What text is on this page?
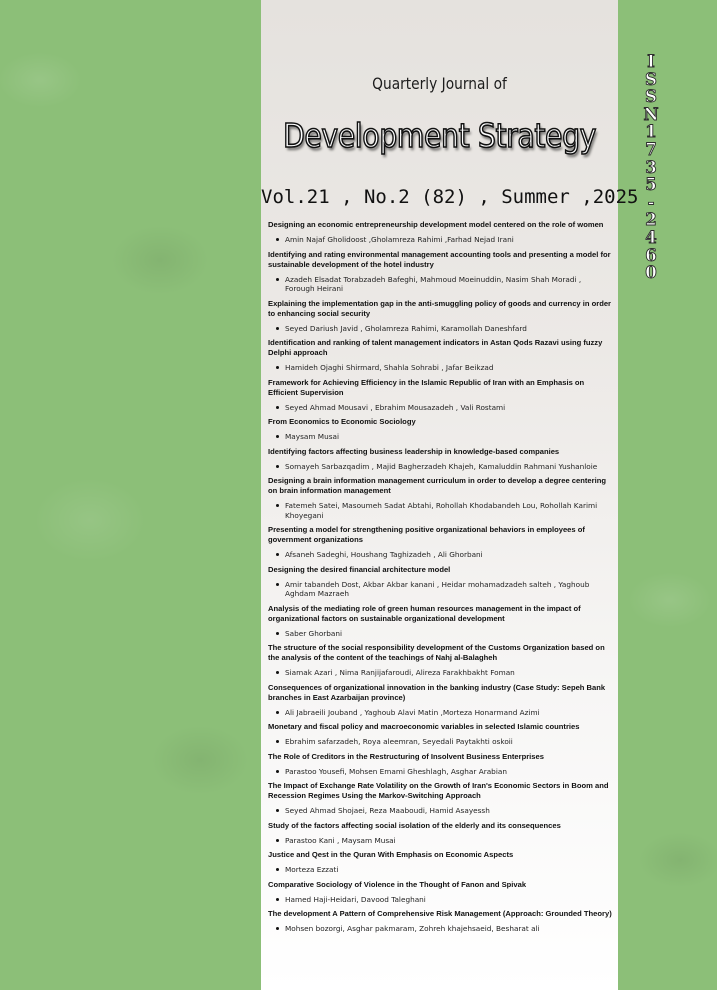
Quarterly Journal of
Development Strategy
Vol.21 , No.2 (82) , Summer ,2025
Designing an economic entrepreneurship development model centered on the role of women
Amin Najaf Gholidoost ,Gholamreza Rahimi ,Farhad Nejad Irani
Identifying and rating environmental management accounting tools and presenting a model for sustainable development of the hotel industry
Azadeh Elsadat Torabzadeh Bafeghi, Mahmoud Moeinuddin, Nasim Shah Moradi , Forough Heirani
Explaining the implementation gap in the anti-smuggling policy of goods and currency in order to enhancing social security
Seyed Dariush Javid , Gholamreza Rahimi, Karamollah Daneshfard
Identification and ranking of talent management indicators in Astan Qods Razavi using fuzzy Delphi approach
Hamideh Ojaghi Shirmard, Shahla Sohrabi , Jafar Beikzad
Framework for Achieving Efficiency in the Islamic Republic of Iran with an Emphasis on Efficient Supervision
Seyed Ahmad Mousavi , Ebrahim Mousazadeh , Vali Rostami
From Economics to Economic Sociology
Maysam Musai
Identifying factors affecting business leadership in knowledge-based companies
Somayeh Sarbazqadim , Majid Bagherzadeh Khajeh, Kamaluddin Rahmani Yushanloie
Designing a brain information management curriculum in order to develop a degree centering on brain information management
Fatemeh Satei, Masoumeh Sadat Abtahi, Rohollah Khodabandeh Lou, Rohollah Karimi Khoyegani
Presenting a model for strengthening positive organizational behaviors in employees of government organizations
Afsaneh Sadeghi, Houshang Taghizadeh , Ali Ghorbani
Designing the desired financial architecture model
Amir tabandeh Dost, Akbar Akbar kanani , Heidar mohamadzadeh salteh , Yaghoub Aghdam Mazraeh
Analysis of the mediating role of green human resources management in the impact of organizational factors on sustainable organizational development
Saber Ghorbani
The structure of the social responsibility development of the Customs Organization based on the analysis of the content of the teachings of Nahj al-Balagheh
Siamak Azari , Nima Ranjijafaroudi, Alireza Farakhbakht Foman
Consequences of organizational innovation in the banking industry (Case Study: Sepeh Bank branches in East Azarbaijan province)
Ali Jabraeili Jouband , Yaghoub Alavi Matin ,Morteza Honarmand Azimi
Monetary and fiscal policy and macroeconomic variables in selected Islamic countries
Ebrahim safarzadeh, Roya aleemran, Seyedali Paytakhti oskoii
The Role of Creditors in the Restructuring of Insolvent Business Enterprises
Parastoo Yousefi, Mohsen Emami Gheshlagh, Asghar Arabian
The Impact of Exchange Rate Volatility on the Growth of Iran's Economic Sectors in Boom and Recession Regimes Using the Markov-Switching Approach
Seyed Ahmad Shojaei, Reza Maaboudi, Hamid Asayessh
Study of the factors affecting social isolation of the elderly and its consequences
Parastoo Kani , Maysam Musai
Justice and Qest in the Quran With Emphasis on Economic Aspects
Morteza Ezzati
Comparative Sociology of Violence in the Thought of Fanon and Spivak
Hamed Haji-Heidari, Davood Taleghani
The development A Pattern of Comprehensive Risk Management (Approach: Grounded Theory)
Mohsen bozorgi, Asghar pakmaram, Zohreh khajehsaeid, Besharat ali
I
S
S
N
1
7
3
5
-
2
4
6
0
